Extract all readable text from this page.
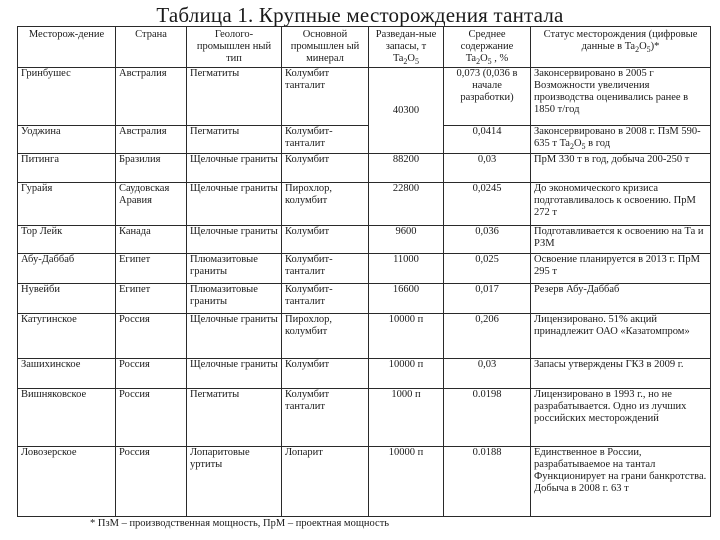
Таблица 1. Крупные месторождения тантала
Месторож-дение	Страна	Геолого-промышлен ный тип	Основной промышлен ый минерал	Разведан-ные запасы, т $Ta_2O_5$	Среднее содержание $Ta_2O_5$ , %	Статус месторождения (цифровые данные в $Ta_2O_5)*$
Гринбушес	Австралия	Пегматиты	Колумбит танталит	40300	0,073 (0,036 в начале разработки)	Законсервировано в 2005 г Возможности увеличения производства оценивались ранее в 1850 т/год
Уоджина	Австралия	Пегматиты	Колумбит-танталит		0,0414	Законсервировано в 2008 г. ПзМ 590-635 т $Ta_2O_5$ в год
Питинга	Бразилия	Щелочные граниты	Колумбит	88200	0,03	ПрМ 330 т в год, добыча 200-250 т
Гурайя	Саудовская Аравия	Щелочные граниты	Пирохлор, колумбит	22800	0,0245	До экономического кризиса подготавливалось к освоению. ПрМ 272 т
Тор Лейк	Канада	Щелочные граниты	Колумбит	9600	0,036	Подготавливается к освоению на Та и РЗМ
Абу-Даббаб	Египет	Плюмазитовые граниты	Колумбит-танталит	11000	0,025	Освоение планируется в 2013 г. ПрМ 295 т
Нувейби	Египет	Плюмазитовые граниты	Колумбит-танталит	16600	0,017	Резерв Абу-Даббаб
Катугинское	Россия	Щелочные граниты	Пирохлор, колумбит	10000 п	0,206	Лицензировано. 51% акций принадлежит ОАО «Казатомпром»
Зашихинское	Россия	Щелочные граниты	Колумбит	10000 п	0,03	Запасы утверждены ГКЗ в 2009 г.
Вишняковское	Россия	Пегматиты	Колумбит танталит	1000 п	0.0198	Лицензировано в 1993 г., но не разрабатывается. Одно из лучших российских месторождений
Ловозерское	Россия	Лопаритовые уртиты	Лопарит	10000 п	0.0188	Единственное в России, разрабатываемое на тантал Функционирует на грани банкротства. Добыча в 2008 г. 63 т
* ПзМ – производственная мощность, ПрМ – проектная мощность
